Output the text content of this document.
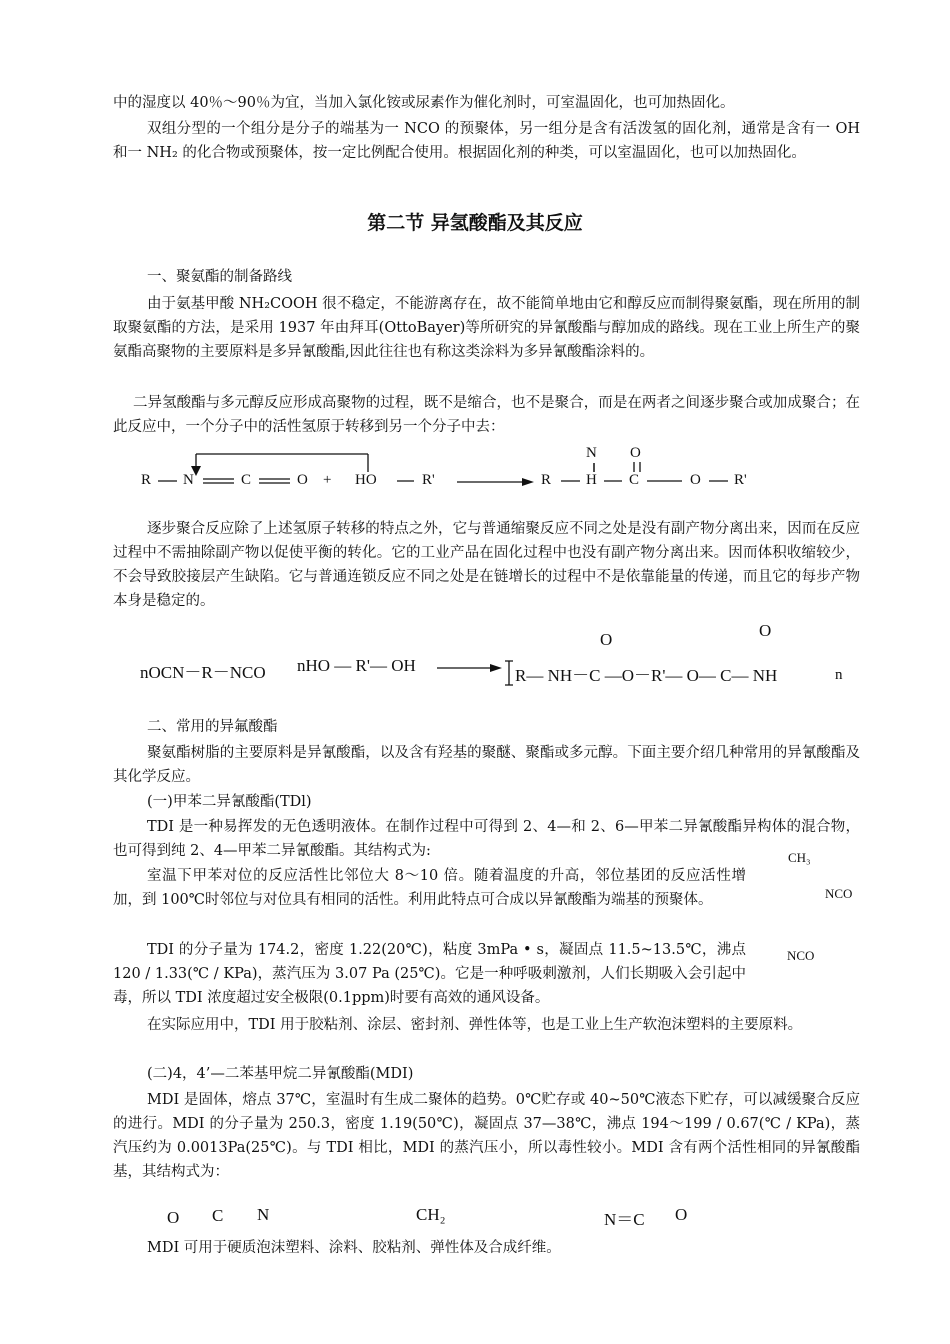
中的湿度以 40％～90％为宜，当加入氯化铵或尿素作为催化剂时，可室温固化，也可加热固化。
双组分型的一个组分是分子的端基为一 NCO 的预聚体，另一组分是含有活泼氢的固化剂，通常是含有一 OH 和一 NH₂ 的化合物或预聚体，按一定比例配合使用。根据固化剂的种类，可以室温固化，也可以加热固化。
第二节 异氢酸酯及其反应
一、聚氨酯的制备路线
由于氨基甲酸 NH₂COOH 很不稳定，不能游离存在，故不能简单地由它和醇反应而制得聚氨酯，现在所用的制取聚氨酯的方法，是采用 1937 年由拜耳(OttoBayer)等所研究的异氰酸酯与醇加成的路线。现在工业上所生产的聚氨酯高聚物的主要原料是多异氰酸酯,因此往往也有称这类涂料为多异氰酸酯涂料的。
二异氢酸酯与多元醇反应形成高聚物的过程，既不是缩合，也不是聚合，而是在两者之间逐步聚合或加成聚合；在此反应中，一个分子中的活性氢原于转移到另一个分子中去：
R N	C	O + HO	R'	R H C	O R'
N O
逐步聚合反应除了上述氢原子转移的特点之外，它与普通缩聚反应不同之处是没有副产物分离出来，因而在反应过程中不需抽除副产物以促使平衡的转化。它的工业产品在固化过程中也没有副产物分离出来。因而体积收缩较少，不会导致胶接层产生缺陷。它与普通连锁反应不同之处是在链增长的过程中不是依靠能量的传递，而且它的每步产物本身是稳定的。
nOCN－R－NCO nHO — R'— OH
R— NH－C —O－R'— O— C— NH	n
O	O
二、常用的异氟酸酯
聚氨酯树脂的主要原料是异氰酸酯，以及含有羟基的聚醚、聚酯或多元醇。下面主要介绍几种常用的异氰酸酯及其化学反应。
(一)甲苯二异氰酸酯(TDl)
TDI 是一种易挥发的无色透明液体。在制作过程中可得到 2、4—和 2、6—甲苯二异氰酸酯异构体的混合物，也可得到纯 2、4—甲苯二异氰酸酯。其结构式为:	CH₃
NCO
NCO
室温下甲苯对位的反应活性比邻位大 8～10 倍。随着温度的升高，邻位基团的反应活性增加，到 100℃时邻位与对位具有相同的活性。利用此特点可合成以异氰酸酯为端基的预聚体。
TDI 的分子量为 174.2，密度 1.22(20℃)，粘度 3mPa • s，凝固点 11.5~13.5℃，沸点 120 / 1.33(℃ / KPa)，蒸汽压为 3.07 Pa (25℃)。它是一种呼吸刺激剂，人们长期吸入会引起中毒，所以 TDI 浓度超过安全极限(0.1ppm)时要有高效的通风设备。
在实际应用中，TDI 用于胶粘剂、涂层、密封剂、弹性体等，也是工业上生产软泡沫塑料的主要原料。
(二)4，4’—二苯基甲烷二异氰酸酯(MDI)
MDI 是固体，熔点 37℃，室温时有生成二聚体的趋势。0℃贮存或 40~50℃液态下贮存，可以减缓聚合反应的进行。MDI 的分子量为 250.3，密度 1.19(50℃)，凝固点 37—38℃，沸点 194～199 / 0.67(℃ / KPa)，蒸汽压约为 0.0013Pa(25℃)。与 TDI 相比，MDI 的蒸汽压小，所以毒性较小。MDI 含有两个活性相同的异氰酸酯基，其结构式为：
O C N	CH₂	N＝C O
MDI 可用于硬质泡沫塑料、涂料、胶粘剂、弹性体及合成纤维。
